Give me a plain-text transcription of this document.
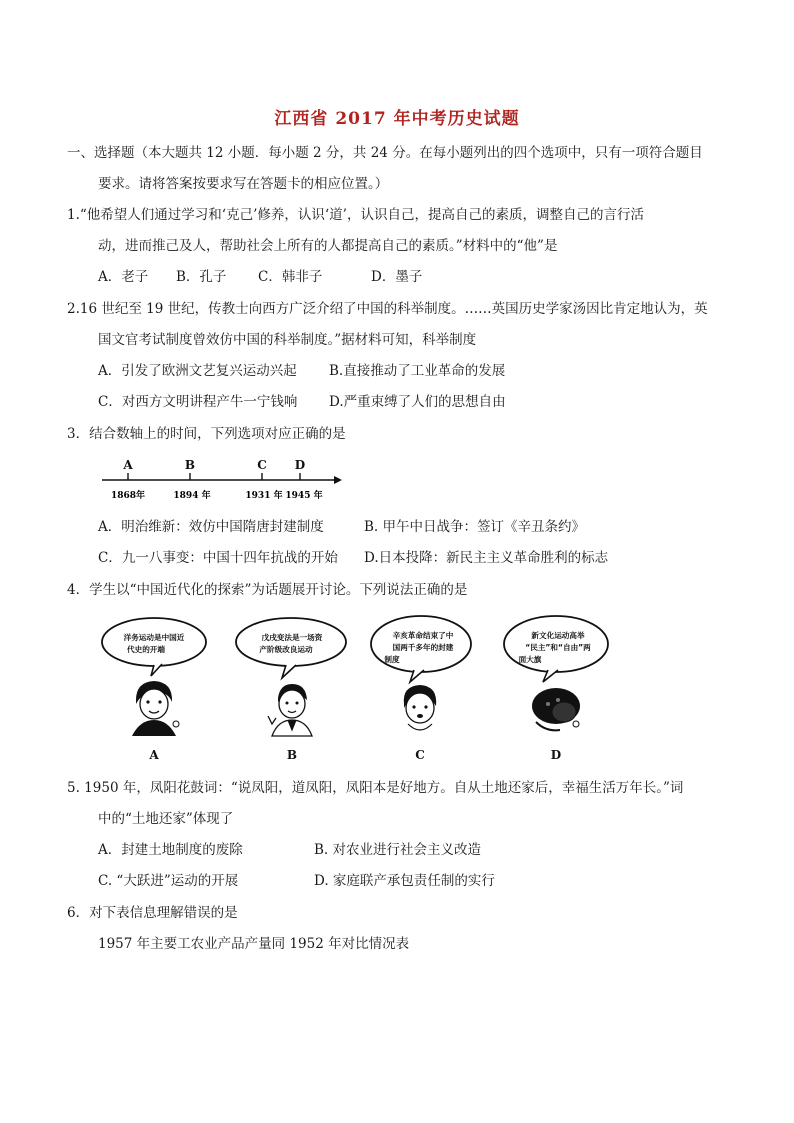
江西省 2017 年中考历史试题
一、选择题（本大题共 12 小题．每小题 2 分，共 24 分。在每小题列出的四个选项中，只有一项符合题目
要求。请将答案按要求写在答题卡的相应位置。）
1.“他希望人们通过学习和‘克己’修养，认识‘道’，认识自己，提高自己的素质，调整自己的言行活
动，进而推己及人，帮助社会上所有的人都提高自己的素质。”材料中的“他”是
A．老子 B．孔子 C．韩非子	D．墨子
2.16 世纪至 19 世纪，传教士向西方广泛介绍了中国的科举制度。……英国历史学家汤因比肯定地认为，英
国文官考试制度曾效仿中国的科举制度。”据材料可知，科举制度
A．引发了欧洲文艺复兴运动兴起 B.直接推动了工业革命的发展
C．对西方文明讲程产牛一宁钱响 D.严重束缚了人们的思想自由
3．结合数轴上的时间，下列选项对应正确的是
A	B	C D
1868年	1894 年	1931 年 1945 年
A．明治维新：效仿中国隋唐封建制度	B. 甲午中日战争：签订《辛丑条约》
C．九一八事变：中国十四年抗战的开始 D.日本投降：新民主主义革命胜利的标志
4．学生以“中国近代化的探索”为话题展开讨论。下列说法正确的是
洋务运动是中国近
代史的开端
A
戊戌变法是一场资
产阶级改良运动
B
辛亥革命结束了中
国两千多年的封建
制度
C
新文化运动高举
“民主”和“自由”两
面大旗
D
5. 1950 年，凤阳花鼓词：“说凤阳，道凤阳，凤阳本是好地方。自从土地还家后，幸福生活万年长。”词
中的“土地还家”体现了
A．封建土地制度的废除	B. 对农业进行社会主义改造
C. “大跃进”运动的开展	D. 家庭联产承包责任制的实行
6．对下表信息理解错误的是
1957 年主要工农业产品产量同 1952 年对比情况表
